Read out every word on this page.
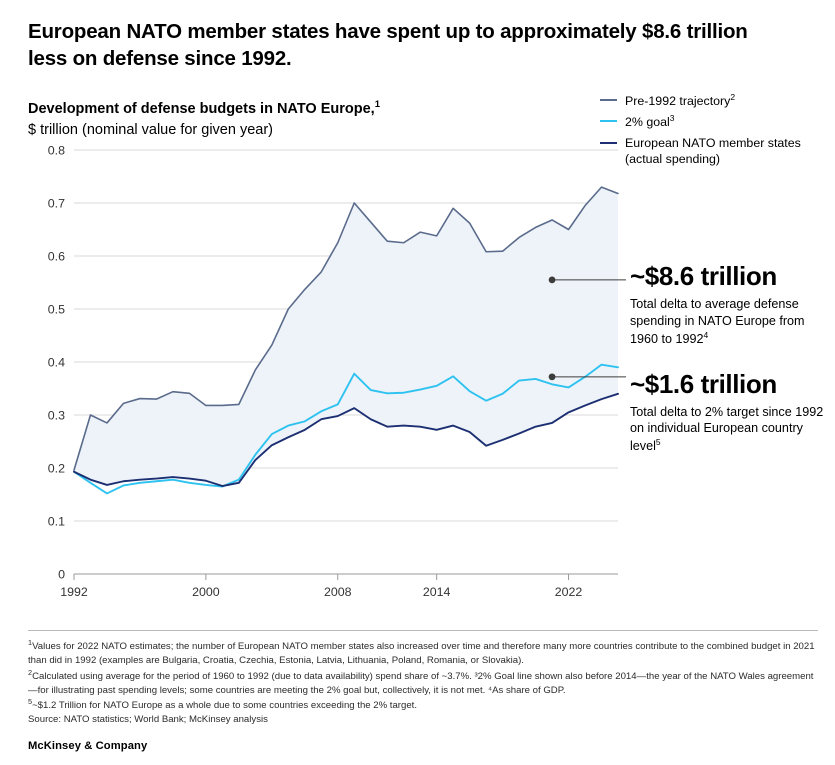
European NATO member states have spent up to approximately $8.6 trillion less on defense since 1992.
Development of defense budgets in NATO Europe,$^1$
$ trillion (nominal value for given year)
Pre-1992 trajectory$^2$
2% goal$^3$
European NATO member states (actual spending)
0
0.1
0.2
0.3
0.4
0.5
0.6
0.7
0.8
1992	2000	2008	2014	2022
~$8.6 trillion
Total delta to average defense spending in NATO Europe from 1960 to 1992$^4$
~$1.6 trillion
Total delta to 2% target since 1992 on individual European country level$^5$
$^1$Values for 2022 NATO estimates; the number of European NATO member states also increased over time and therefore many more countries contribute to the combined budget in 2021 than did in 1992 (examples are Bulgaria, Croatia, Czechia, Estonia, Latvia, Lithuania, Poland, Romania, or Slovakia).
$^2$Calculated using average for the period of 1960 to 1992 (due to data availability) spend share of ~3.7%. ³2% Goal line shown also before 2014—the year of the NATO Wales agreement—for illustrating past spending levels; some countries are meeting the 2% goal but, collectively, it is not met. ⁴As share of GDP.
$^5$~$1.2 Trillion for NATO Europe as a whole due to some countries exceeding the 2% target.
Source: NATO statistics; World Bank; McKinsey analysis
McKinsey & Company
